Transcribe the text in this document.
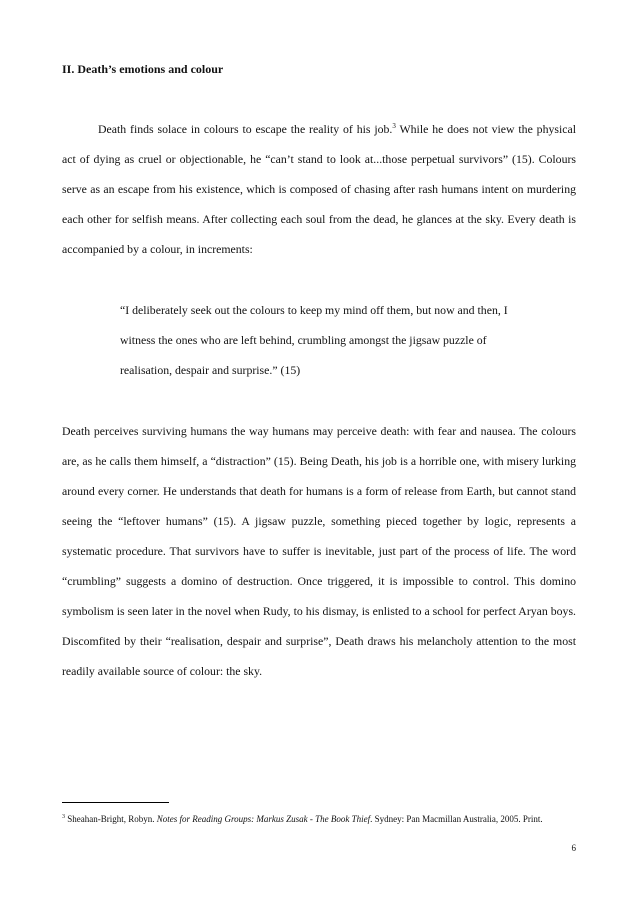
II. Death’s emotions and colour

Death finds solace in colours to escape the reality of his job.$^3$ While he does not view the physical act of dying as cruel or objectionable, he “can’t stand to look at...those perpetual survivors” (15). Colours serve as an escape from his existence, which is composed of chasing after rash humans intent on murdering each other for selfish means. After collecting each soul from the dead, he glances at the sky. Every death is accompanied by a colour, in increments:

“I deliberately seek out the colours to keep my mind off them, but now and then, I witness the ones who are left behind, crumbling amongst the jigsaw puzzle of realisation, despair and surprise.” (15)

Death perceives surviving humans the way humans may perceive death: with fear and nausea. The colours are, as he calls them himself, a “distraction” (15). Being Death, his job is a horrible one, with misery lurking around every corner. He understands that death for humans is a form of release from Earth, but cannot stand seeing the “leftover humans” (15). A jigsaw puzzle, something pieced together by logic, represents a systematic procedure. That survivors have to suffer is inevitable, just part of the process of life. The word “crumbling” suggests a domino of destruction. Once triggered, it is impossible to control. This domino symbolism is seen later in the novel when Rudy, to his dismay, is enlisted to a school for perfect Aryan boys. Discomfited by their “realisation, despair and surprise”, Death draws his melancholy attention to the most readily available source of colour: the sky.

$^3$ Sheahan-Bright, Robyn. Notes for Reading Groups: Markus Zusak - The Book Thief. Sydney: Pan Macmillan Australia, 2005. Print.

6
